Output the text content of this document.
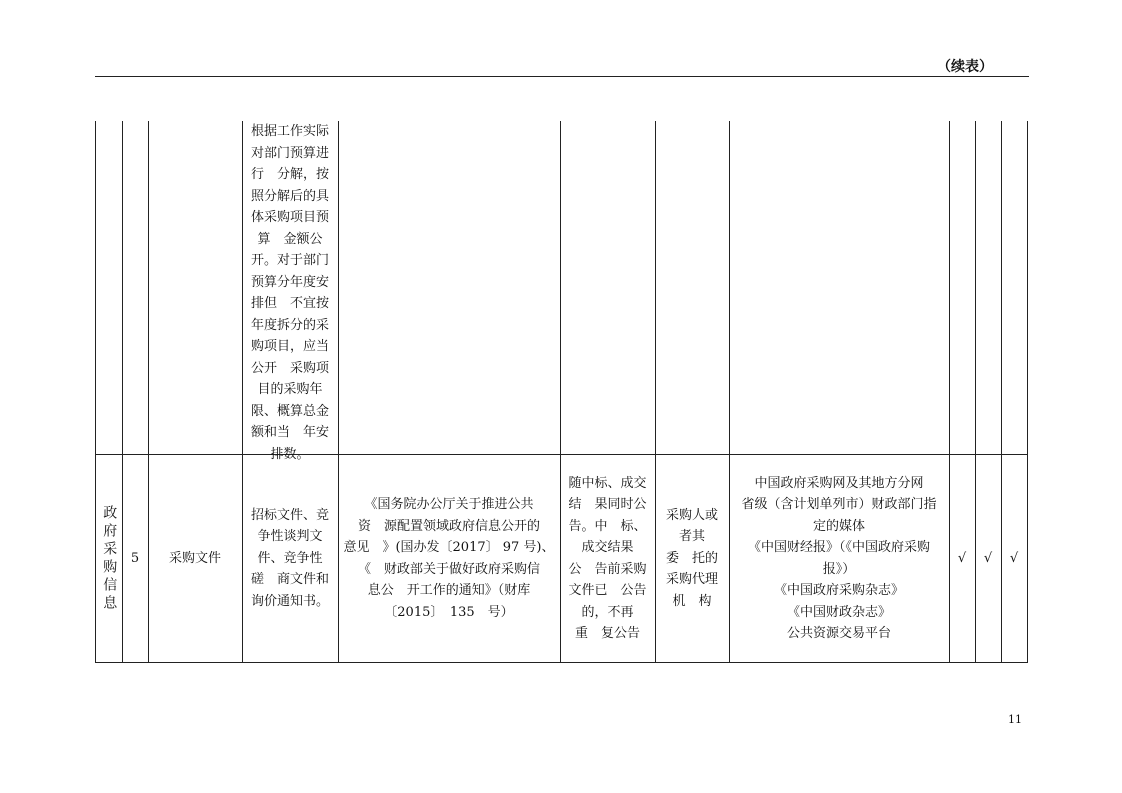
（续表）
根据工作实际
对部门预算进
行　分解，按
照分解后的具
体采购项目预
算　金额公
开。对于部门
预算分年度安
排但　不宜按
年度拆分的采
购项目，应当
公开　采购项
目的采购年
限、概算总金
额和当　年安
排数。
政府采购信息 5 采购文件
招标文件、竞
争性谈判文
件、竞争性
磋　商文件和
询价通知书。
《国务院办公厅关于推进公共
资　源配置领域政府信息公开的
意见　》(国办发〔2017〕 97 号)、
《　财政部关于做好政府采购信
息公　开工作的通知》（财库
〔2015〕　135　号）
随中标、成交
结　果同时公
告。中　标、
成交结果
公　告前采购
文件已　公告
的，不再
重　复公告
采购人或
者其
委　托的
采购代理
机　构
中国政府采购网及其地方分网
省级（含计划单列市）财政部门指
定的媒体
《中国财经报》（《中国政府采购
报》）
《中国政府采购杂志》
《中国财政杂志》
公共资源交易平台
√ √ √
11
